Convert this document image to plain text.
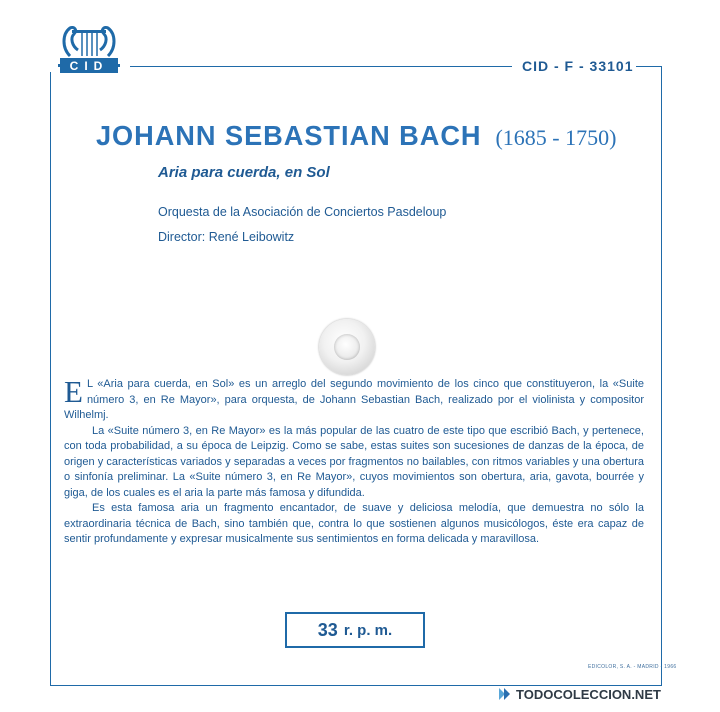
CID	CID - F - 33101
JOHANN SEBASTIAN BACH (1685 - 1750)
Aria para cuerda, en Sol
Orquesta de la Asociación de Conciertos Pasdeloup
Director: René Leibowitz

E L «Aria para cuerda, en Sol» es un arreglo del segundo movimiento de los cinco que constituyeron, la «Suite número 3, en Re Mayor», para orquesta, de Johann Sebastian Bach, realizado por el violinista y compositor Wilhelmj.

La «Suite número 3, en Re Mayor» es la más popular de las cuatro de este tipo que escribió Bach, y pertenece, con toda probabilidad, a su época de Leipzig. Como se sabe, estas suites son sucesiones de danzas de la época, de origen y características variados y separadas a veces por fragmentos no bailables, con ritmos variables y una obertura o sinfonía preliminar. La «Suite número 3, en Re Mayor», cuyos movimientos son obertura, aria, gavota, bourrée y giga, de los cuales es el aria la parte más famosa y difundida.

Es esta famosa aria un fragmento encantador, de suave y deliciosa melodía, que demuestra no sólo la extraordinaria técnica de Bach, sino también que, contra lo que sostienen algunos musicólogos, éste era capaz de sentir profundamente y expresar musicalmente sus sentimientos en forma delicada y maravillosa.

33 r. p. m.
EDICOLOR, S. A. - MADRID - 1966
TODOCOLECCION.NET
